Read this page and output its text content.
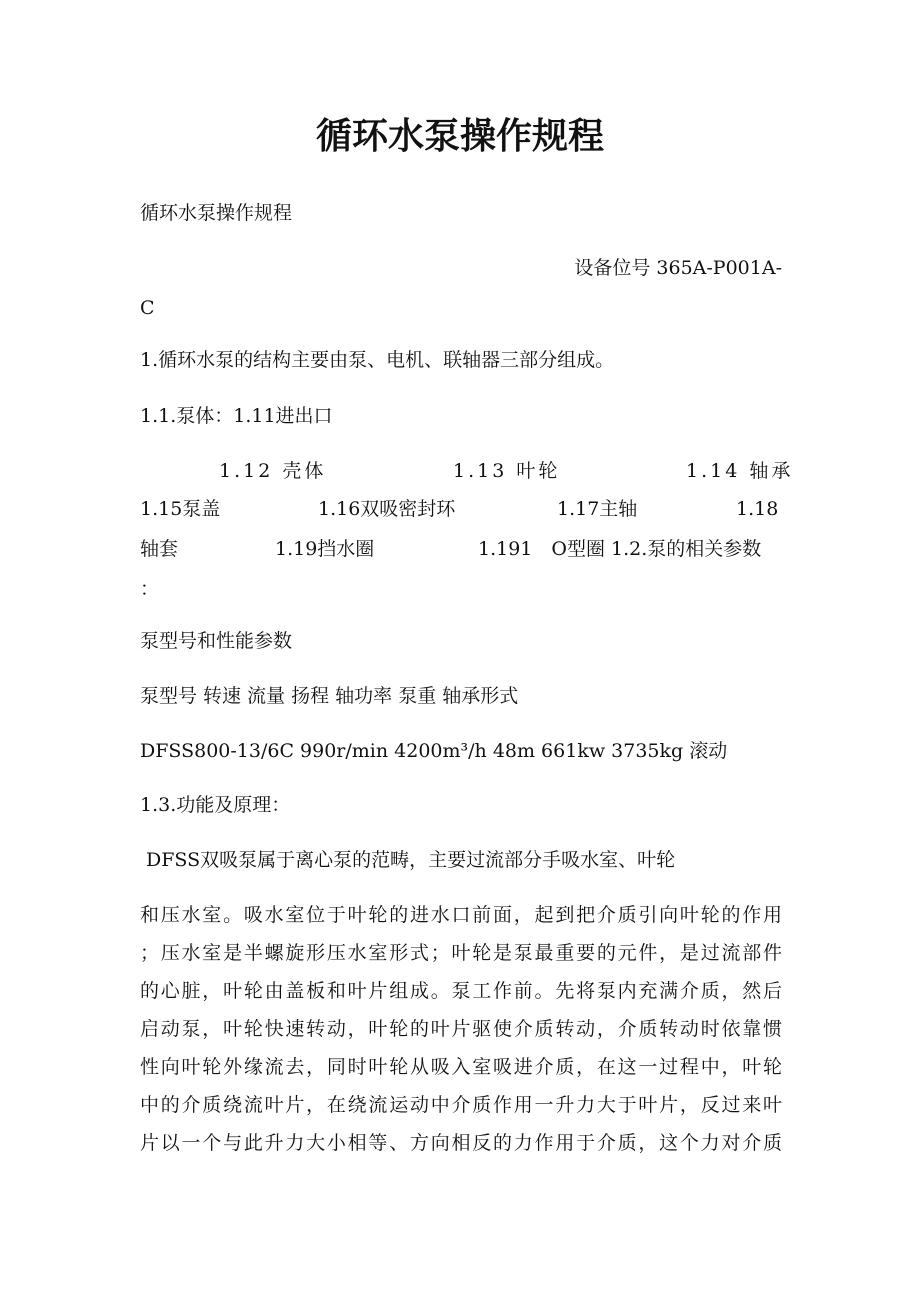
循环水泵操作规程
循环水泵操作规程
设备位号 365A-P001A-
C
1.循环水泵的结构主要由泵、电机、联轴器三部分组成。
1.1.泵体：1.11进出口
1.12 壳体	1.13 叶轮	1.14 轴承
1.15泵盖	1.16双吸密封环	1.17主轴	1.18
轴套	1.19挡水圈	1.191　O型圈 1.2.泵的相关参数
：
泵型号和性能参数
泵型号 转速 流量 扬程 轴功率 泵重 轴承形式
DFSS800-13/6C 990r/min 4200m³/h 48m 661kw 3735kg 滚动
1.3.功能及原理：
DFSS双吸泵属于离心泵的范畴，主要过流部分手吸水室、叶轮
和压水室。吸水室位于叶轮的进水口前面，起到把介质引向叶轮的作用
；压水室是半螺旋形压水室形式；叶轮是泵最重要的元件，是过流部件
的心脏，叶轮由盖板和叶片组成。泵工作前。先将泵内充满介质，然后
启动泵，叶轮快速转动，叶轮的叶片驱使介质转动，介质转动时依靠惯
性向叶轮外缘流去，同时叶轮从吸入室吸进介质，在这一过程中，叶轮
中的介质绕流叶片，在绕流运动中介质作用一升力大于叶片，反过来叶
片以一个与此升力大小相等、方向相反的力作用于介质，这个力对介质
